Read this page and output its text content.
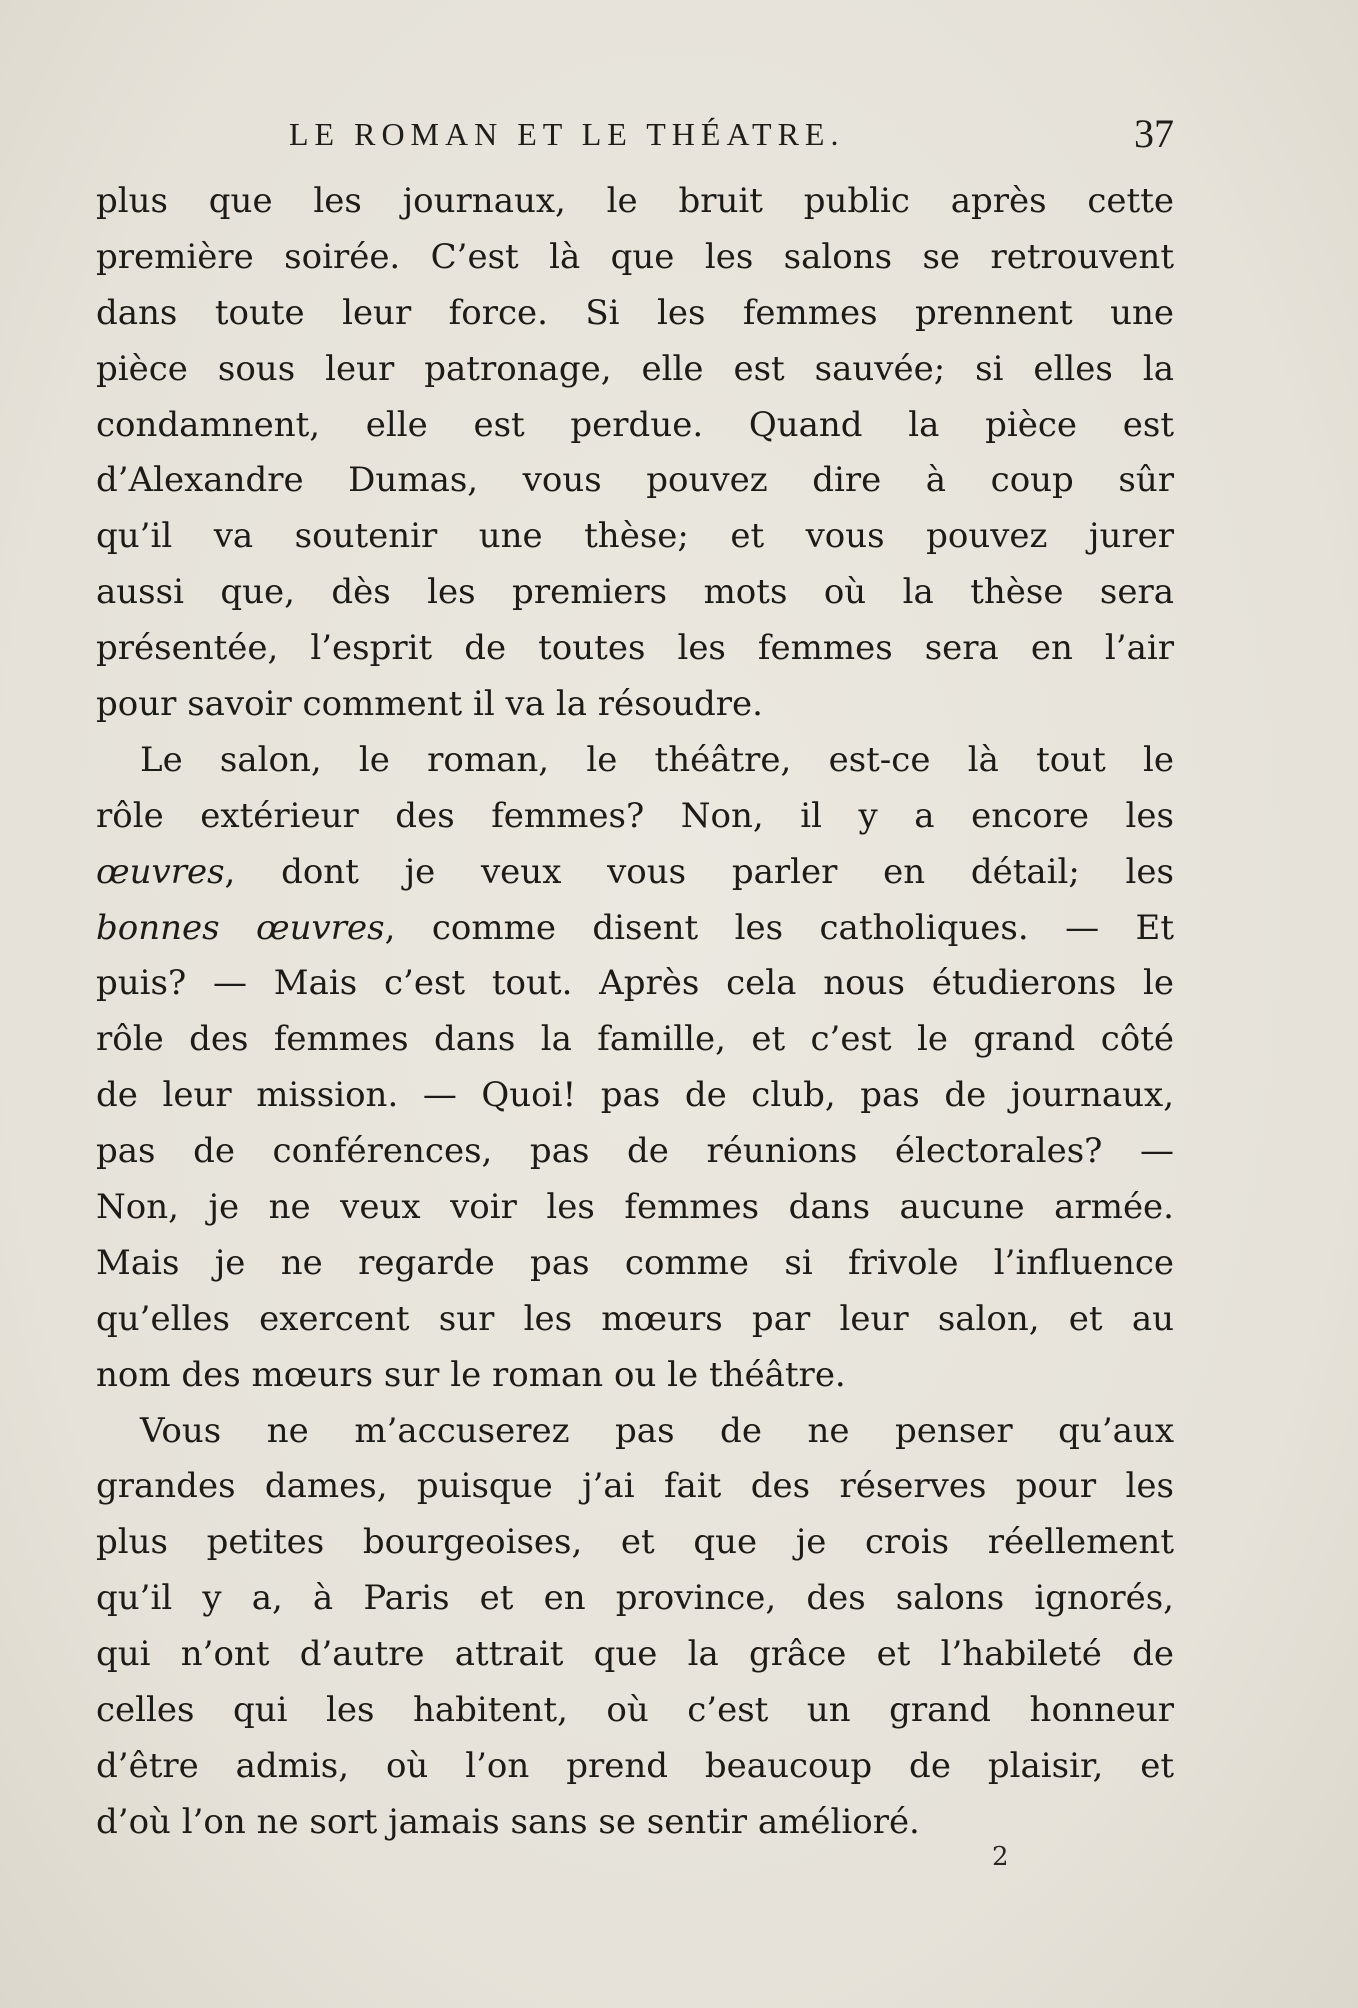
LE ROMAN ET LE THÉATRE.	37
plus que les journaux, le bruit public après cette
première soirée. C’est là que les salons se retrouvent
dans toute leur force. Si les femmes prennent une
pièce sous leur patronage, elle est sauvée; si elles la
condamnent, elle est perdue. Quand la pièce est
d’Alexandre Dumas, vous pouvez dire à coup sûr
qu’il va soutenir une thèse; et vous pouvez jurer
aussi que, dès les premiers mots où la thèse sera
présentée, l’esprit de toutes les femmes sera en l’air
pour savoir comment il va la résoudre.
Le salon, le roman, le théâtre, est-ce là tout le
rôle extérieur des femmes? Non, il y a encore les
œuvres, dont je veux vous parler en détail; les
bonnes œuvres, comme disent les catholiques. — Et
puis? — Mais c’est tout. Après cela nous étudierons le
rôle des femmes dans la famille, et c’est le grand côté
de leur mission. — Quoi! pas de club, pas de journaux,
pas de conférences, pas de réunions électorales? —
Non, je ne veux voir les femmes dans aucune armée.
Mais je ne regarde pas comme si frivole l’influence
qu’elles exercent sur les mœurs par leur salon, et au
nom des mœurs sur le roman ou le théâtre.
Vous ne m’accuserez pas de ne penser qu’aux
grandes dames, puisque j’ai fait des réserves pour les
plus petites bourgeoises, et que je crois réellement
qu’il y a, à Paris et en province, des salons ignorés,
qui n’ont d’autre attrait que la grâce et l’habileté de
celles qui les habitent, où c’est un grand honneur
d’être admis, où l’on prend beaucoup de plaisir, et
d’où l’on ne sort jamais sans se sentir amélioré.
2
